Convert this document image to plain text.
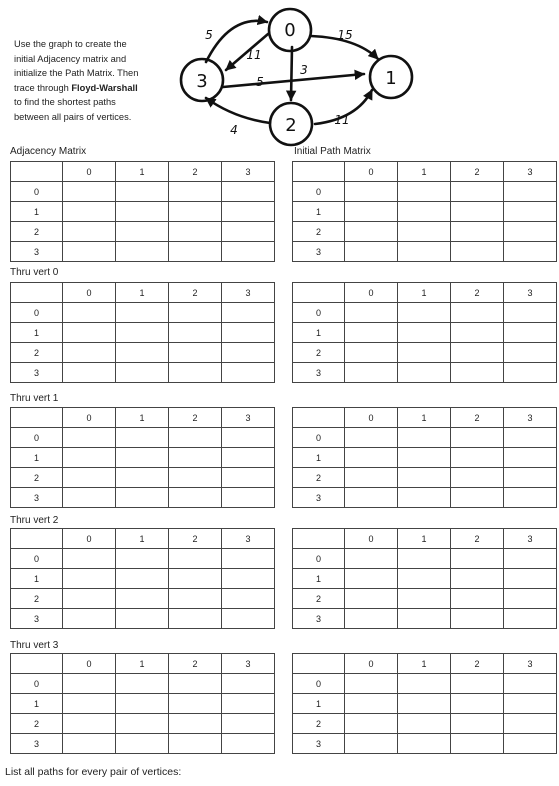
Use the graph to create the
initial Adjacency matrix and
initialize the Path Matrix. Then
trace through Floyd-Warshall
to find the shortest paths
between all pairs of vertices.
0
1
2
3
5
11
15
3
5
4
11
Adjacency Matrix	Initial Path Matrix
	0	1	2	3
0				
1				
2				
3				
	0	1	2	3
0				
1				
2				
3				
Thru vert 0
	0	1	2	3
0				
1				
2				
3				
	0	1	2	3
0				
1				
2				
3				
Thru vert 1
	0	1	2	3
0				
1				
2				
3				
	0	1	2	3
0				
1				
2				
3				
Thru vert 2
	0	1	2	3
0				
1				
2				
3				
	0	1	2	3
0				
1				
2				
3				
Thru vert 3
	0	1	2	3
0				
1				
2				
3				
	0	1	2	3
0				
1				
2				
3				
List all paths for every pair of vertices:
